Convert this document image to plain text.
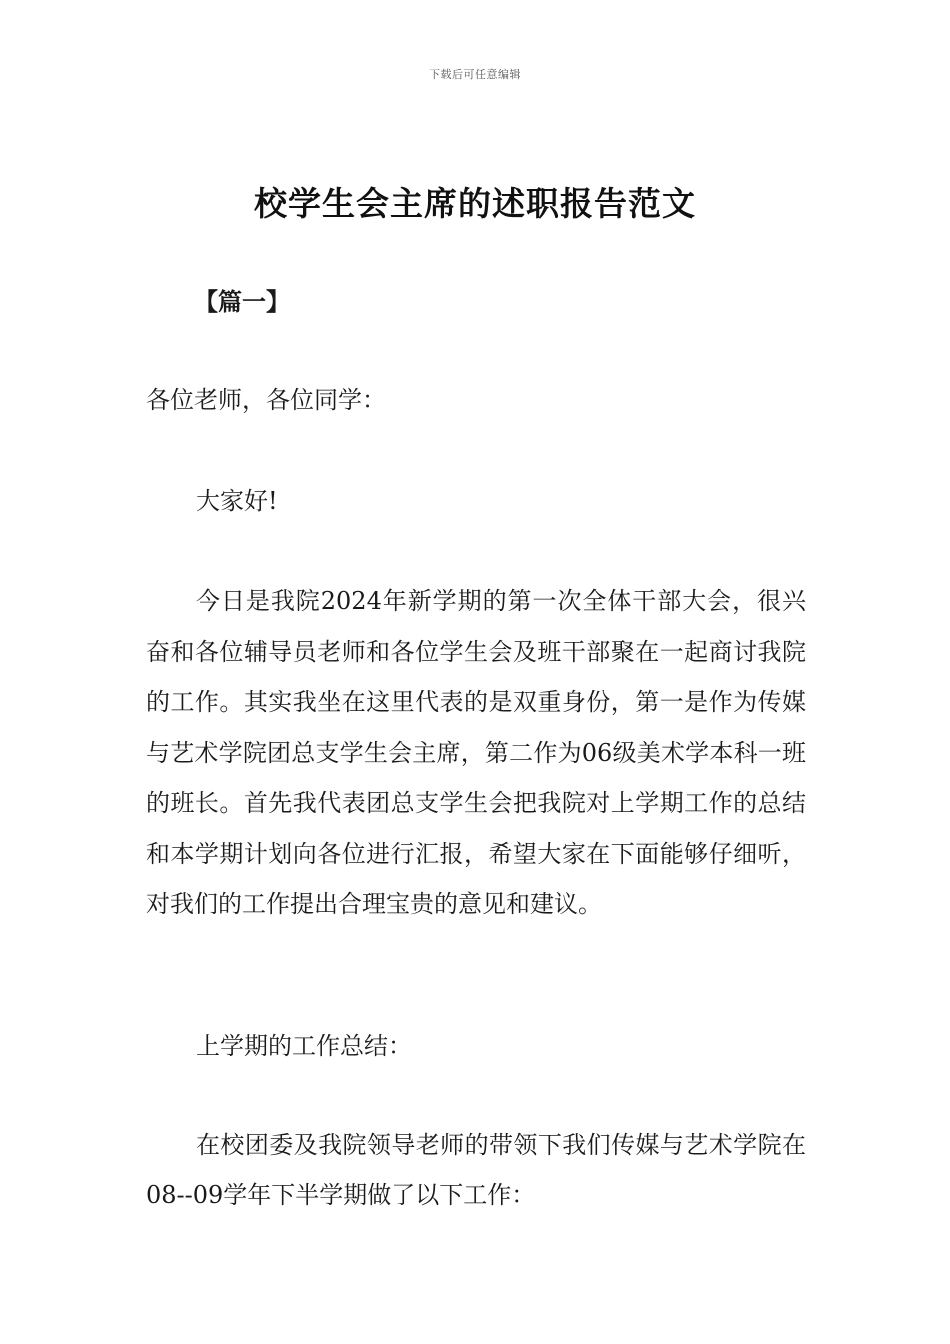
下载后可任意编辑
校学生会主席的述职报告范文
【篇一】
各位老师，各位同学：
大家好!
今日是我院2024年新学期的第一次全体干部大会，很兴奋和各位辅导员老师和各位学生会及班干部聚在一起商讨我院的工作。其实我坐在这里代表的是双重身份，第一是作为传媒与艺术学院团总支学生会主席，第二作为06级美术学本科一班的班长。首先我代表团总支学生会把我院对上学期工作的总结和本学期计划向各位进行汇报，希望大家在下面能够仔细听，对我们的工作提出合理宝贵的意见和建议。
上学期的工作总结：
在校团委及我院领导老师的带领下我们传媒与艺术学院在08--09学年下半学期做了以下工作：
